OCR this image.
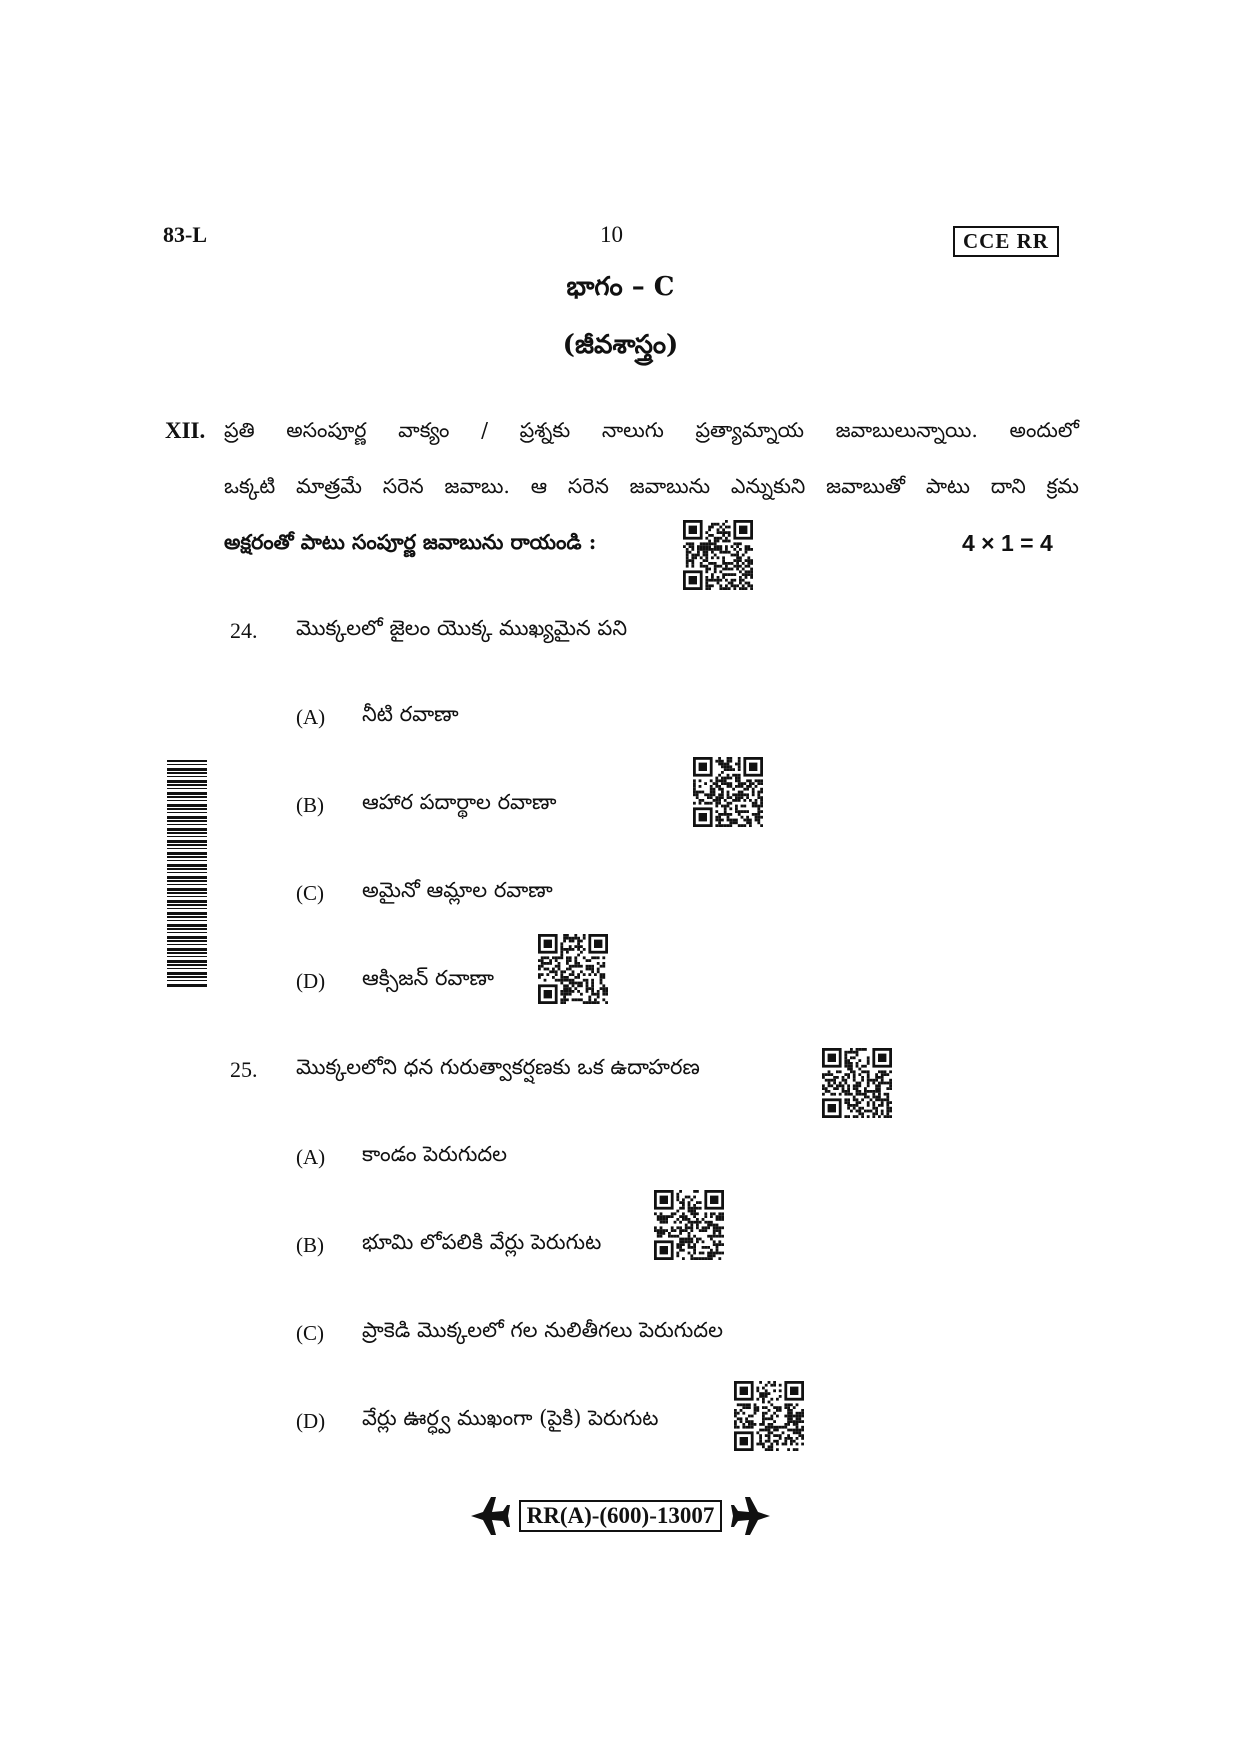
83-L	10	CCE RR
భాగం – C
(జీవశాస్త్రం)
XII. ప్రతి అసంపూర్ణ వాక్యం / ప్రశ్నకు నాలుగు ప్రత్యామ్నాయ జవాబులున్నాయి. అందులో
ఒక్కటి మాత్రమే సరెన జవాబు. ఆ సరెన జవాబును ఎన్నుకుని జవాబుతో పాటు దాని క్రమ
అక్షరంతో పాటు సంపూర్ణ జవాబును రాయండి :	4 × 1 = 4
24. మొక్కలలో జైలం యొక్క ముఖ్యమైన పని
(A) నీటి రవాణా
(B) ఆహార పదార్థాల రవాణా
(C) అమైనో ఆమ్లాల రవాణా
(D) ఆక్సిజన్ రవాణా
25. మొక్కలలోని ధన గురుత్వాకర్షణకు ఒక ఉదాహరణ
(A) కాండం పెరుగుదల
(B) భూమి లోపలికి వేర్లు పెరుగుట
(C) ప్రాకెడి మొక్కలలో గల నులితీగలు పెరుగుదల
(D) వేర్లు ఊర్ధ్వ ముఖంగా (పైకి) పెరుగుట
RR(A)-(600)-13007
